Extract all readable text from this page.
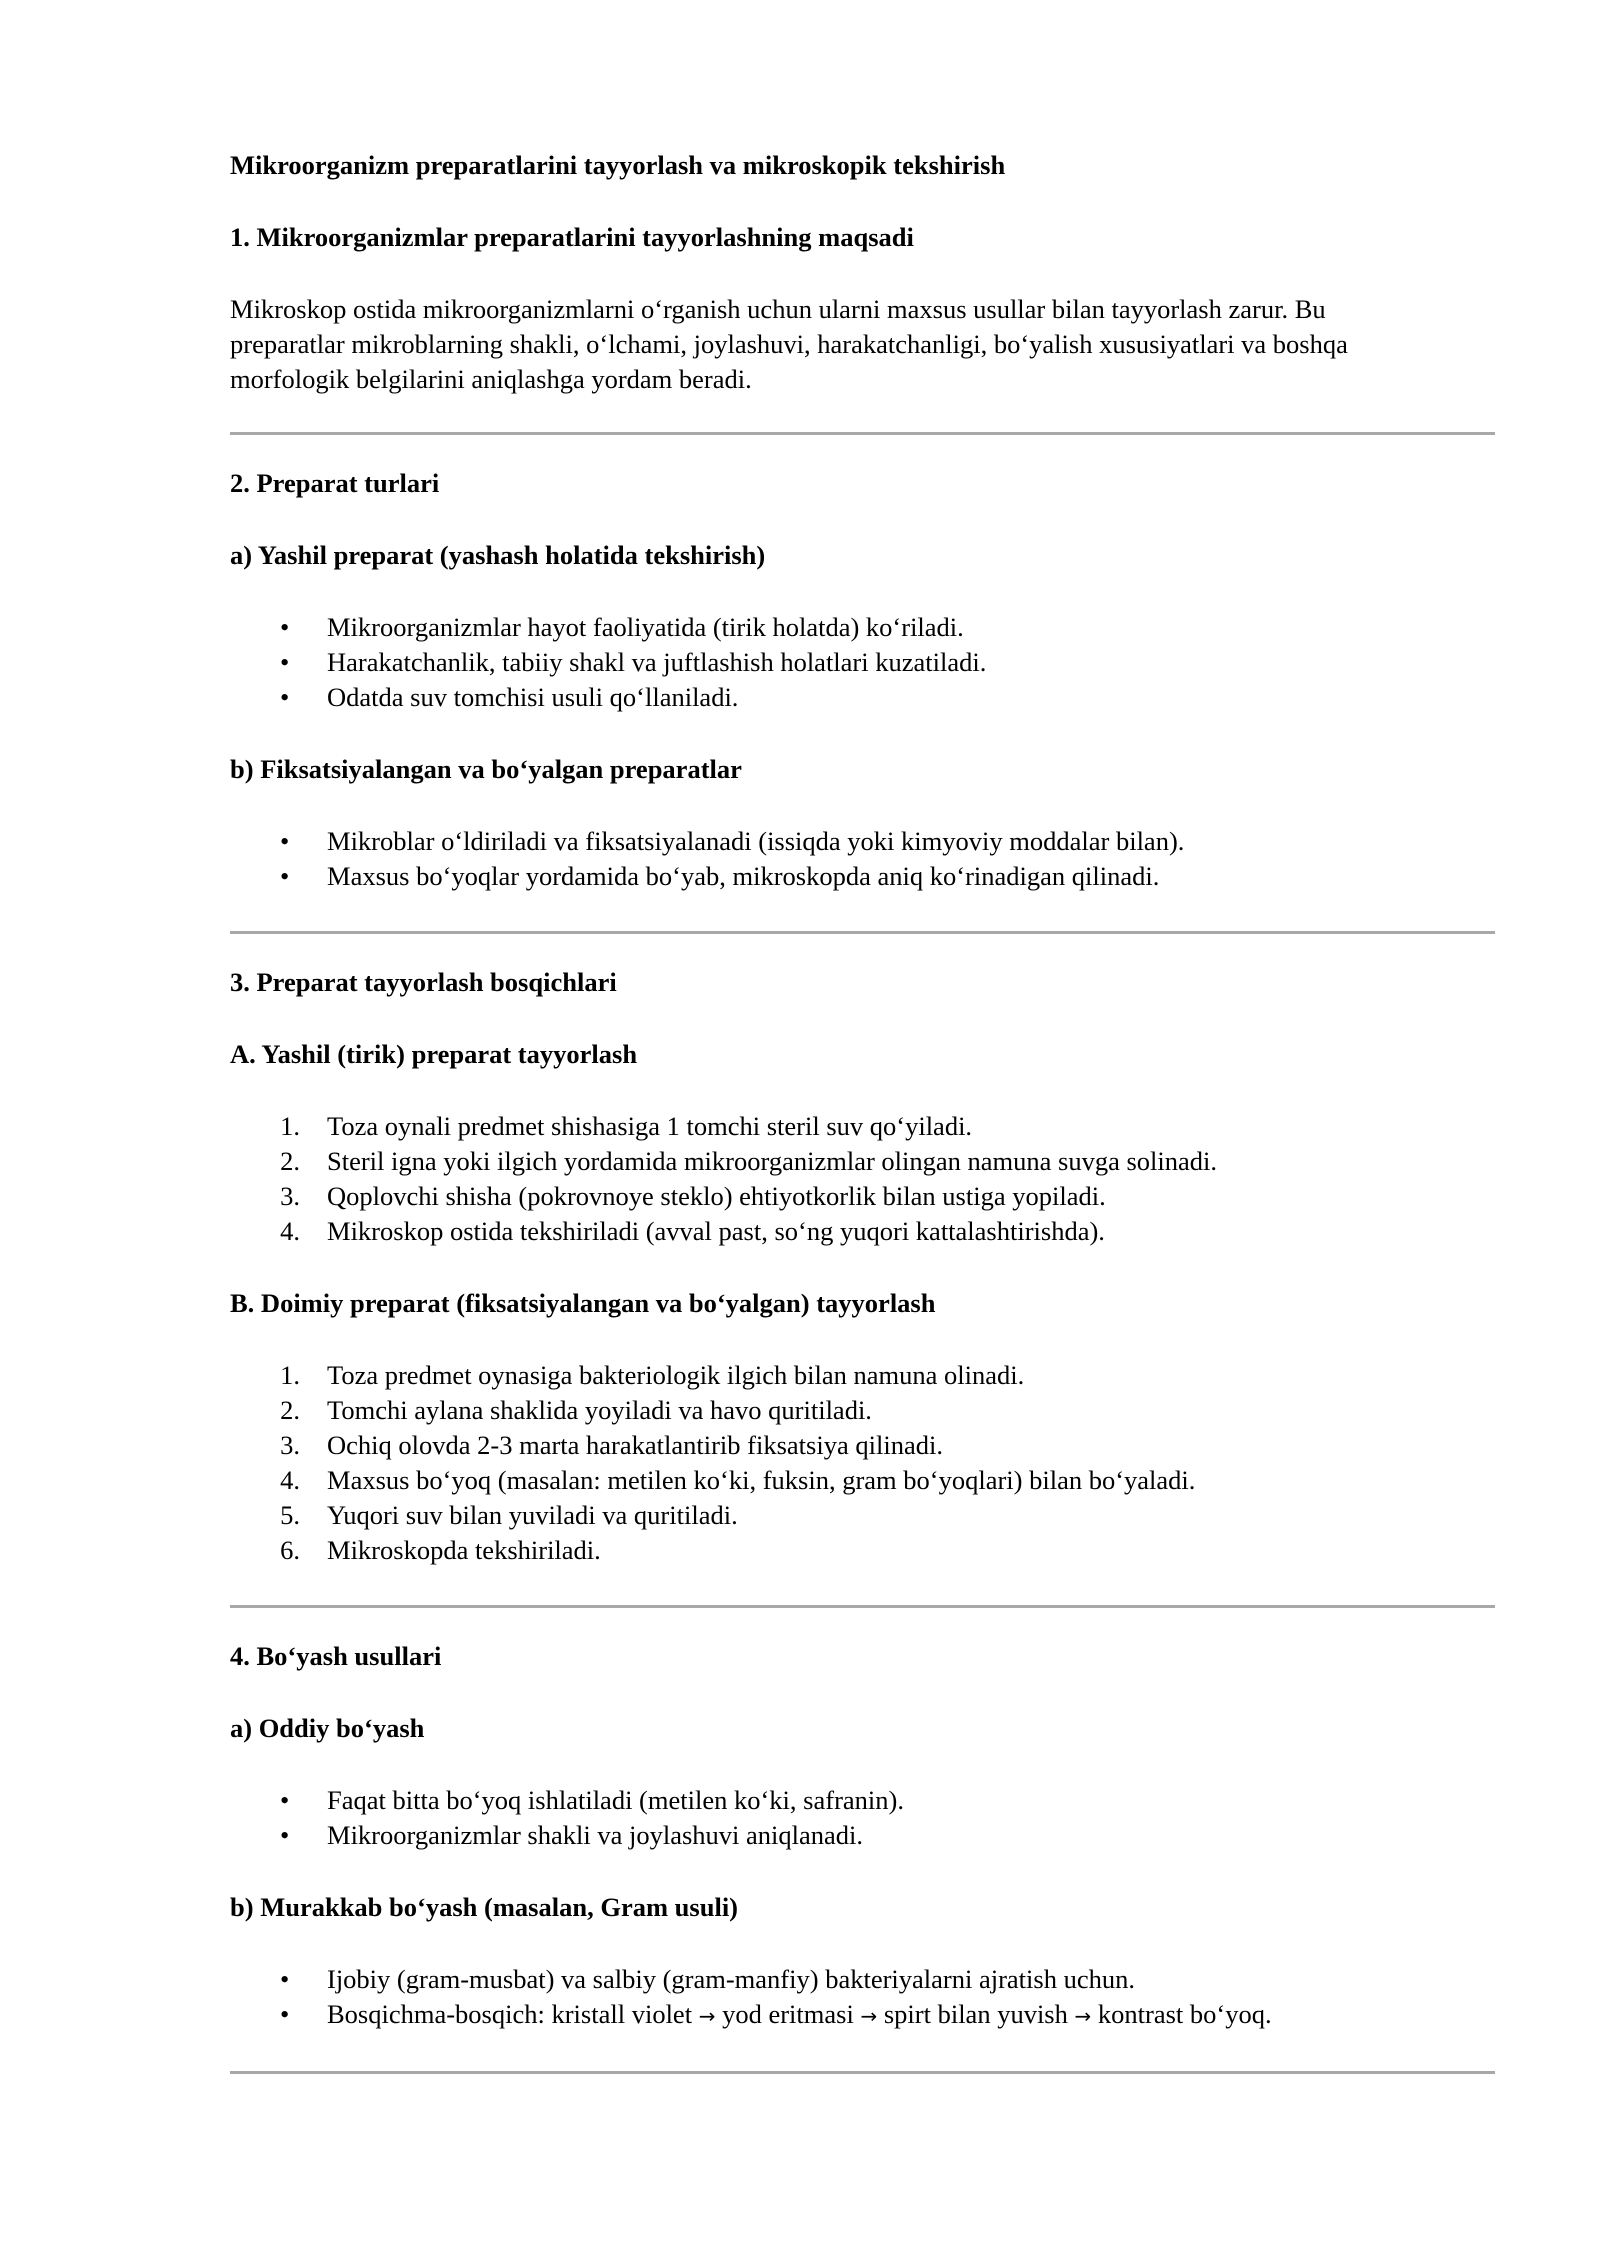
Mikroorganizm preparatlarini tayyorlash va mikroskopik tekshirish

1. Mikroorganizmlar preparatlarini tayyorlashning maqsadi

Mikroskop ostida mikroorganizmlarni o‘rganish uchun ularni maxsus usullar bilan tayyorlash zarur. Bu
preparatlar mikroblarning shakli, o‘lchami, joylashuvi, harakatchanligi, bo‘yalish xususiyatlari va boshqa
morfologik belgilarini aniqlashga yordam beradi.

2. Preparat turlari

a) Yashil preparat (yashash holatida tekshirish)

• Mikroorganizmlar hayot faoliyatida (tirik holatda) ko‘riladi.
• Harakatchanlik, tabiiy shakl va juftlashish holatlari kuzatiladi.
• Odatda suv tomchisi usuli qo‘llaniladi.

b) Fiksatsiyalangan va bo‘yalgan preparatlar

• Mikroblar o‘ldiriladi va fiksatsiyalanadi (issiqda yoki kimyoviy moddalar bilan).
• Maxsus bo‘yoqlar yordamida bo‘yab, mikroskopda aniq ko‘rinadigan qilinadi.

3. Preparat tayyorlash bosqichlari

A. Yashil (tirik) preparat tayyorlash

1. Toza oynali predmet shishasiga 1 tomchi steril suv qo‘yiladi.
2. Steril igna yoki ilgich yordamida mikroorganizmlar olingan namuna suvga solinadi.
3. Qoplovchi shisha (pokrovnoye steklo) ehtiyotkorlik bilan ustiga yopiladi.
4. Mikroskop ostida tekshiriladi (avval past, so‘ng yuqori kattalashtirishda).

B. Doimiy preparat (fiksatsiyalangan va bo‘yalgan) tayyorlash

1. Toza predmet oynasiga bakteriologik ilgich bilan namuna olinadi.
2. Tomchi aylana shaklida yoyiladi va havo quritiladi.
3. Ochiq olovda 2-3 marta harakatlantirib fiksatsiya qilinadi.
4. Maxsus bo‘yoq (masalan: metilen ko‘ki, fuksin, gram bo‘yoqlari) bilan bo‘yaladi.
5. Yuqori suv bilan yuviladi va quritiladi.
6. Mikroskopda tekshiriladi.

4. Bo‘yash usullari

a) Oddiy bo‘yash

• Faqat bitta bo‘yoq ishlatiladi (metilen ko‘ki, safranin).
• Mikroorganizmlar shakli va joylashuvi aniqlanadi.

b) Murakkab bo‘yash (masalan, Gram usuli)

• Ijobiy (gram-musbat) va salbiy (gram-manfiy) bakteriyalarni ajratish uchun.
• Bosqichma-bosqich: kristall violet → yod eritmasi → spirt bilan yuvish → kontrast bo‘yoq.
